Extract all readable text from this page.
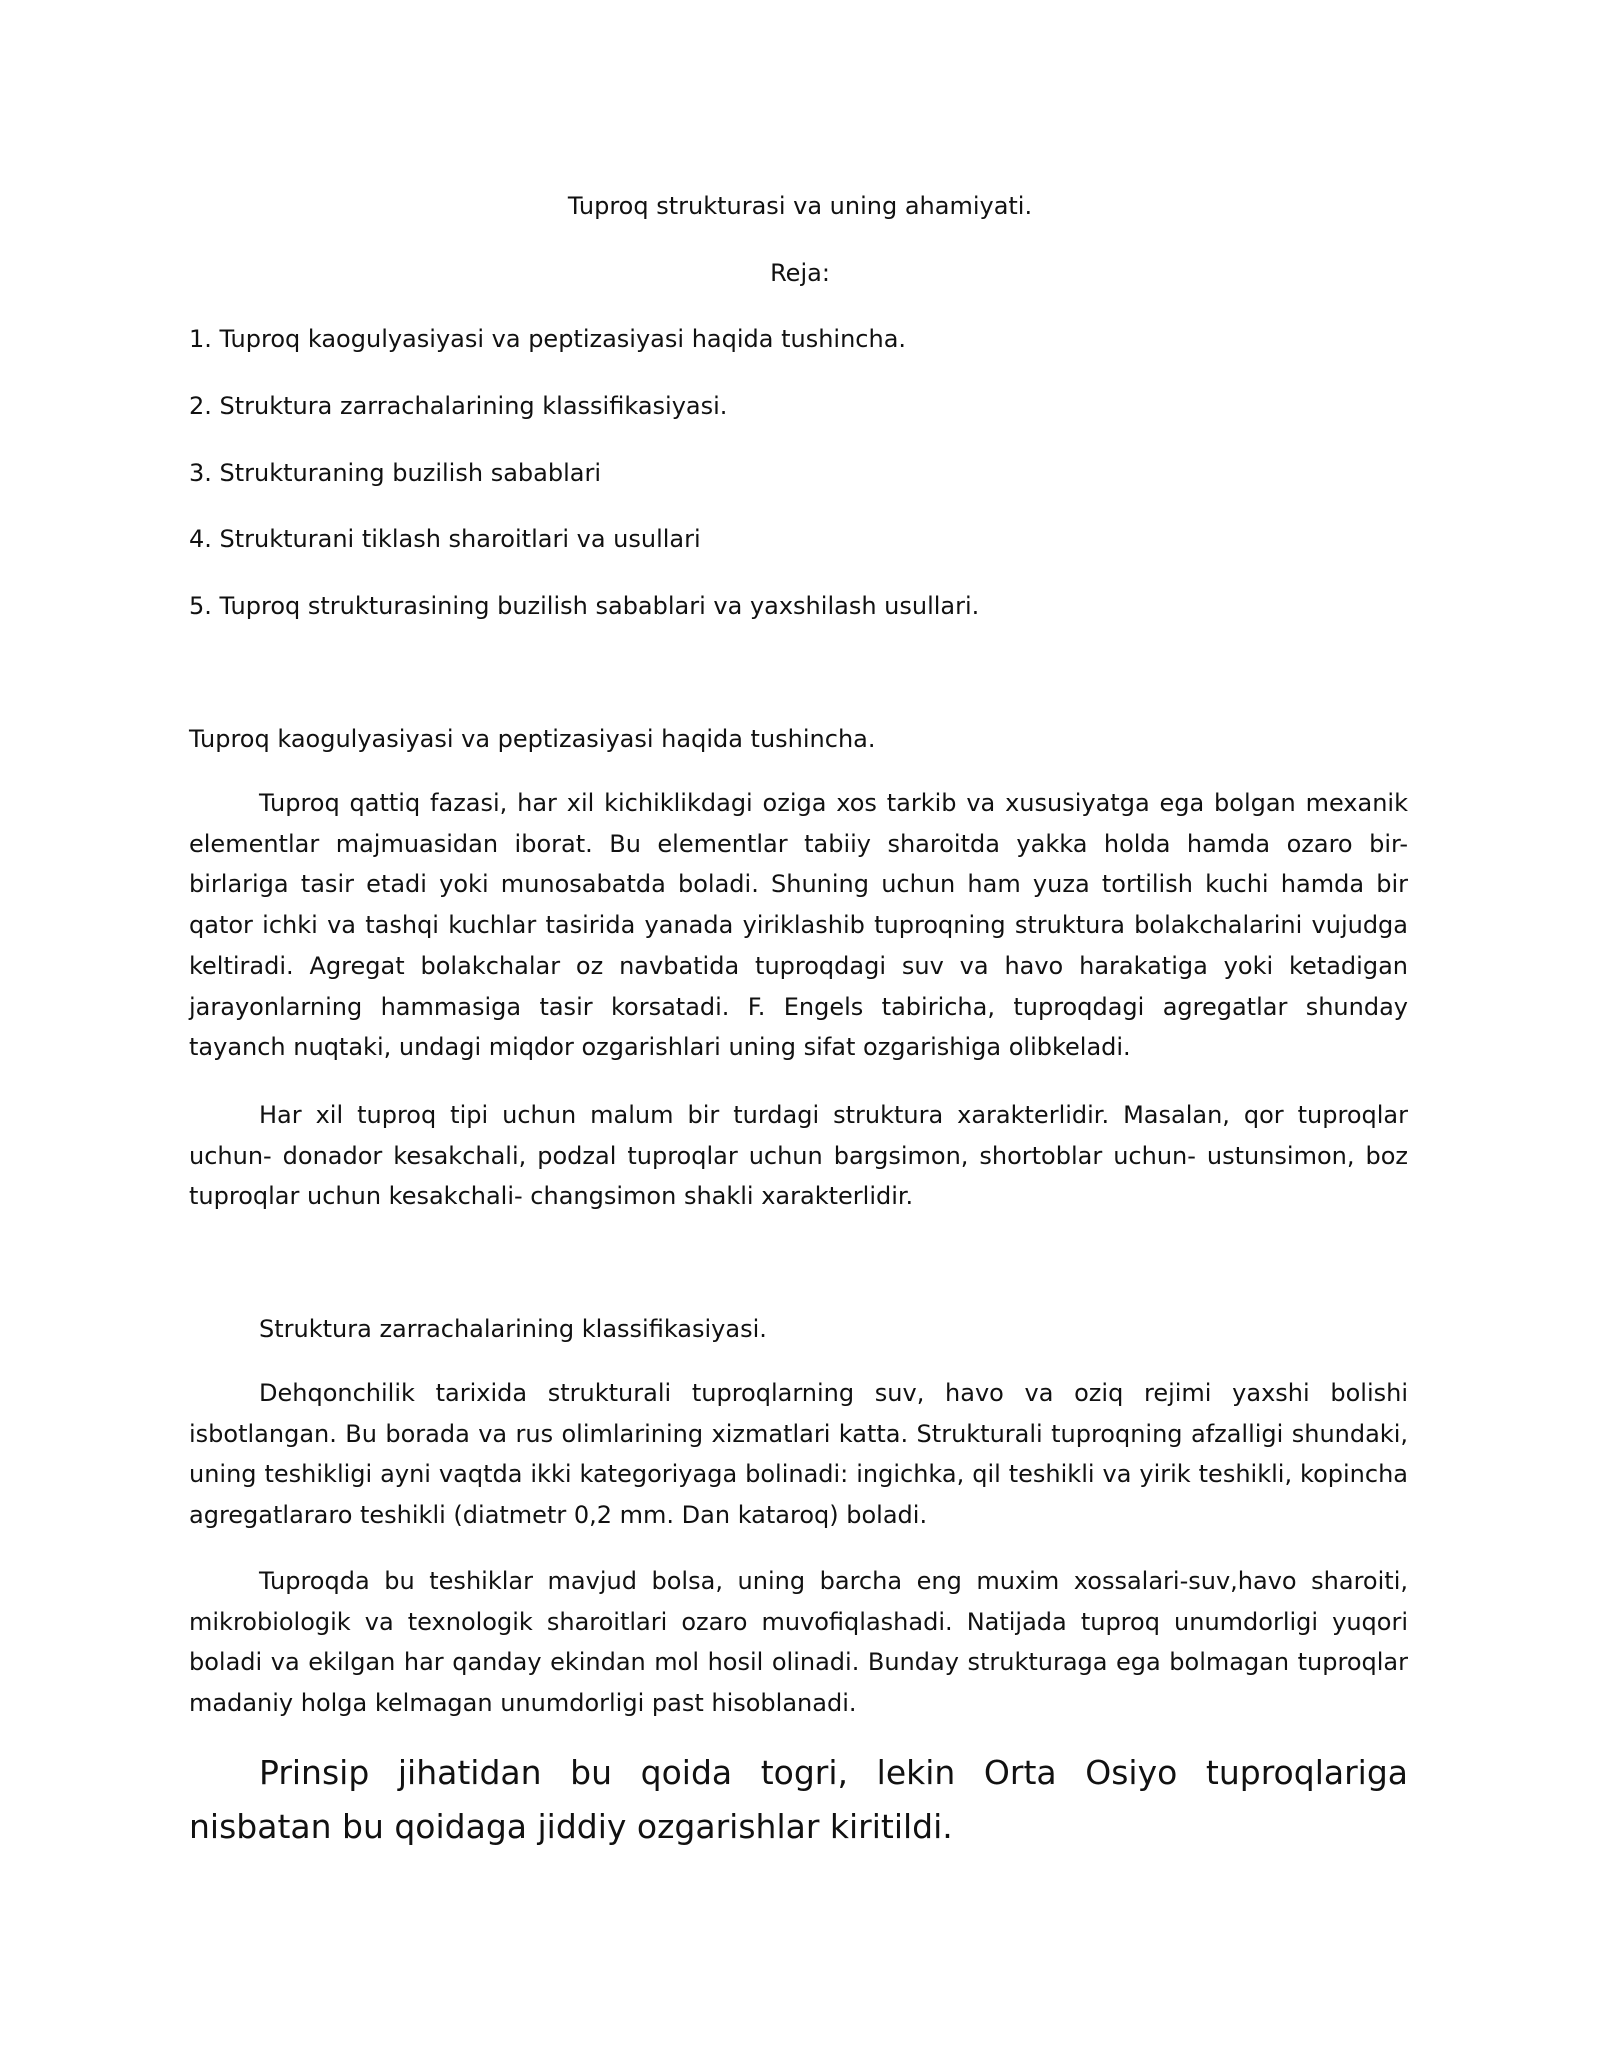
Tuproq strukturasi va uning ahamiyati.

Reja:

1. Tuproq kaogulyasiyasi va peptizasiyasi haqida tushincha.

2. Struktura zarrachalarining klassifikasiyasi.

3. Strukturaning buzilish sabablari

4. Strukturani tiklash sharoitlari va usullari

5. Tuproq strukturasining buzilish sabablari va yaxshilash usullari.

Tuproq kaogulyasiyasi va peptizasiyasi haqida tushincha.

Tuproq qattiq fazasi, har xil kichiklikdagi oziga xos tarkib va xususiyatga ega bolgan mexanik elementlar majmuasidan iborat. Bu elementlar tabiiy sharoitda yakka holda hamda ozaro bir-birlariga tasir etadi yoki munosabatda boladi. Shuning uchun ham yuza tortilish kuchi hamda bir qator ichki va tashqi kuchlar tasirida yanada yiriklashib tuproqning struktura bolakchalarini vujudga keltiradi. Agregat bolakchalar oz navbatida tuproqdagi suv va havo harakatiga yoki ketadigan jarayonlarning hammasiga tasir korsatadi. F. Engels tabiricha, tuproqdagi agregatlar shunday tayanch nuqtaki, undagi miqdor ozgarishlari uning sifat ozgarishiga olibkeladi.

Har xil tuproq tipi uchun malum bir turdagi struktura xarakterlidir. Masalan, qor tuproqlar uchun- donador kesakchali, podzal tuproqlar uchun bargsimon, shortoblar uchun- ustunsimon, boz tuproqlar uchun kesakchali- changsimon shakli xarakterlidir.

Struktura zarrachalarining klassifikasiyasi.

Dehqonchilik tarixida strukturali tuproqlarning suv, havo va oziq rejimi yaxshi bolishi isbotlangan. Bu borada va rus olimlarining xizmatlari katta. Strukturali tuproqning afzalligi shundaki, uning teshikligi ayni vaqtda ikki kategoriyaga bolinadi: ingichka, qil teshikli va yirik teshikli, kopincha agregatlararo teshikli (diatmetr 0,2 mm. Dan kataroq) boladi.

Tuproqda bu teshiklar mavjud bolsa, uning barcha eng muxim xossalari-suv,havo sharoiti, mikrobiologik va texnologik sharoitlari ozaro muvofiqlashadi. Natijada tuproq unumdorligi yuqori boladi va ekilgan har qanday ekindan mol hosil olinadi. Bunday strukturaga ega bolmagan tuproqlar madaniy holga kelmagan unumdorligi past hisoblanadi.

Prinsip jihatidan bu qoida togri, lekin Orta Osiyo tuproqlariga nisbatan bu qoidaga jiddiy ozgarishlar kiritildi.
